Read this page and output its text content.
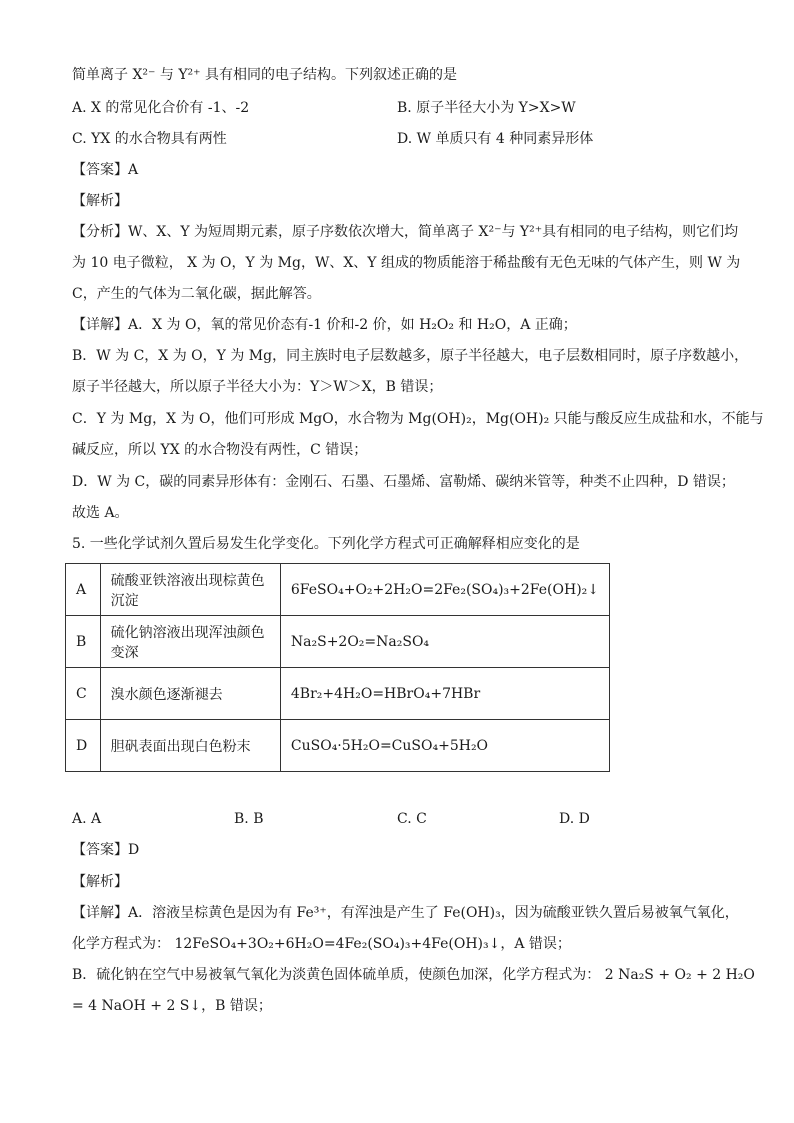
简单离子 X²⁻ 与 Y²⁺ 具有相同的电子结构。下列叙述正确的是
A. X 的常见化合价有 -1、-2	B. 原子半径大小为 Y>X>W
C. YX 的水合物具有两性	D. W 单质只有 4 种同素异形体
【答案】A
【解析】
【分析】W、X、Y 为短周期元素，原子序数依次增大，简单离子 X²⁻与 Y²⁺具有相同的电子结构，则它们均
为 10 电子微粒， X 为 O，Y 为 Mg，W、X、Y 组成的物质能溶于稀盐酸有无色无味的气体产生，则 W 为
C，产生的气体为二氧化碳，据此解答。
【详解】A．X 为 O，氧的常见价态有-1 价和-2 价，如 H₂O₂ 和 H₂O，A 正确；
B．W 为 C，X 为 O，Y 为 Mg，同主族时电子层数越多，原子半径越大，电子层数相同时，原子序数越小，
原子半径越大，所以原子半径大小为：Y＞W＞X，B 错误；
C．Y 为 Mg，X 为 O，他们可形成 MgO，水合物为 Mg(OH)₂，Mg(OH)₂ 只能与酸反应生成盐和水，不能与
碱反应，所以 YX 的水合物没有两性，C 错误；
D．W 为 C，碳的同素异形体有：金刚石、石墨、石墨烯、富勒烯、碳纳米管等，种类不止四种，D 错误；
故选 A。
5. 一些化学试剂久置后易发生化学变化。下列化学方程式可正确解释相应变化的是
A	硫酸亚铁溶液出现棕黄色沉淀	6FeSO₄+O₂+2H₂O=2Fe₂(SO₄)₃+2Fe(OH)₂↓
B	硫化钠溶液出现浑浊颜色变深	Na₂S+2O₂=Na₂SO₄
C	溴水颜色逐渐褪去	4Br₂+4H₂O=HBrO₄+7HBr
D	胆矾表面出现白色粉末	CuSO₄·5H₂O=CuSO₄+5H₂O
A. A	B. B	C. C	D. D
【答案】D
【解析】
【详解】A．溶液呈棕黄色是因为有 Fe³⁺，有浑浊是产生了 Fe(OH)₃，因为硫酸亚铁久置后易被氧气氧化，
化学方程式为： 12FeSO₄+3O₂+6H₂O=4Fe₂(SO₄)₃+4Fe(OH)₃↓，A 错误；
B．硫化钠在空气中易被氧气氧化为淡黄色固体硫单质，使颜色加深，化学方程式为： 2 Na₂S + O₂ + 2 H₂O
= 4 NaOH + 2 S↓，B 错误；
